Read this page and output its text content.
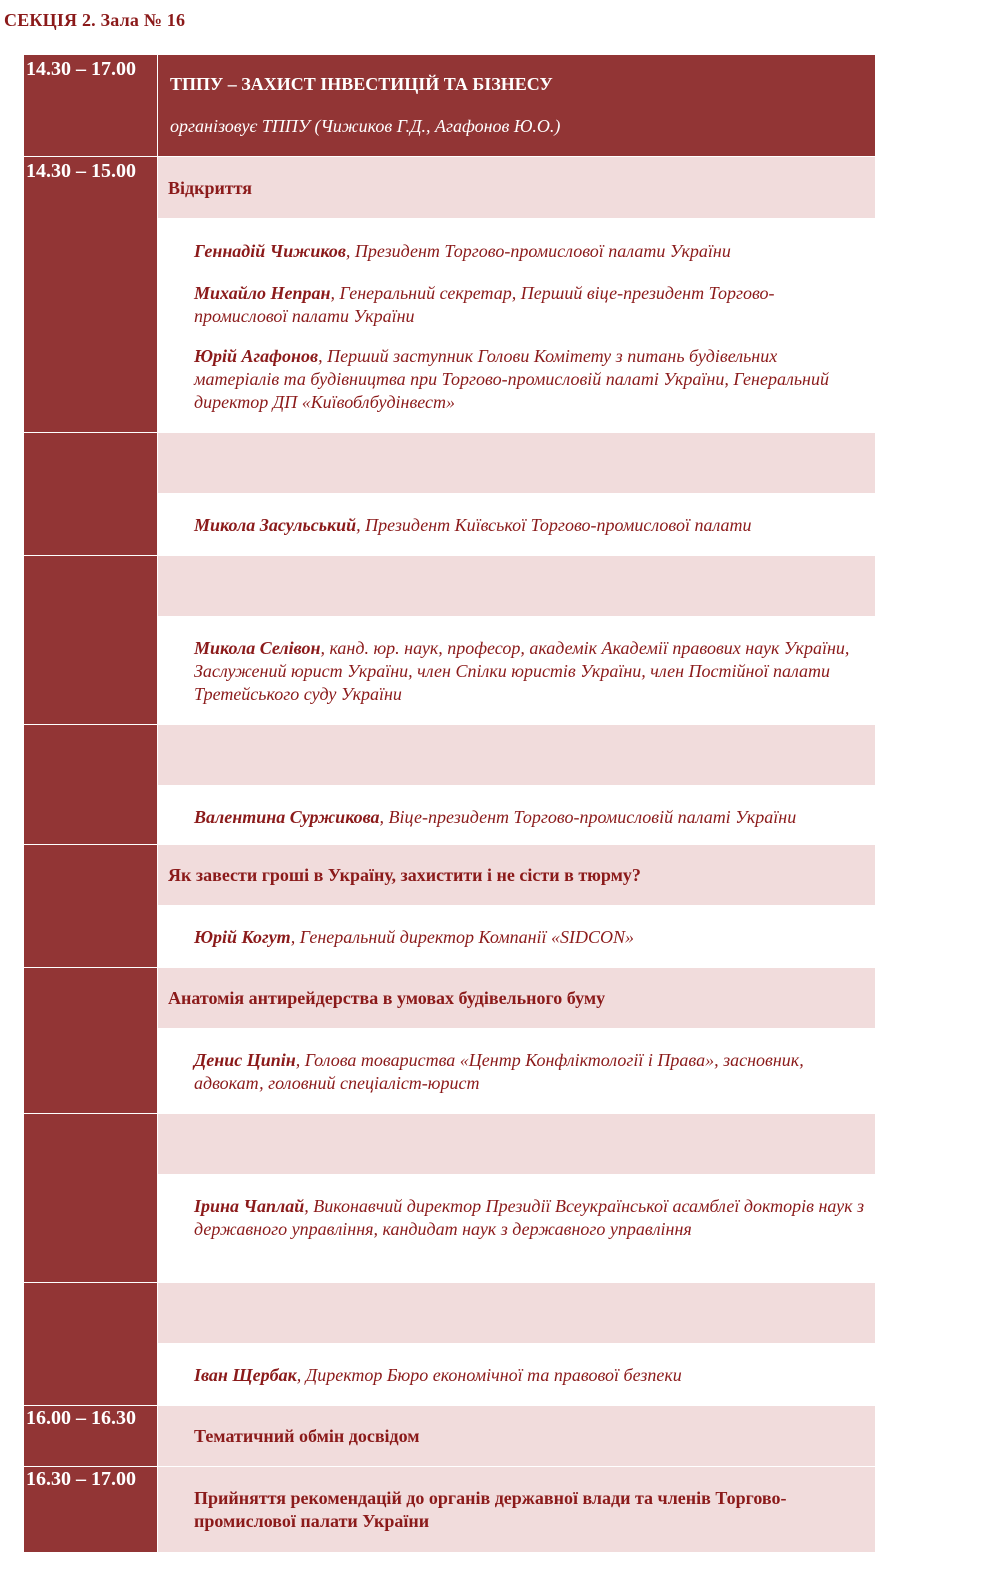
СЕКЦІЯ 2. Зала № 16
14.30 – 17.00
ТППУ – ЗАХИСТ ІНВЕСТИЦІЙ ТА БІЗНЕСУ
організовує ТППУ (Чижиков Г.Д., Агафонов Ю.О.)
14.30 – 15.00
Відкриття
Геннадій Чижиков, Президент Торгово-промислової палати України
Михайло Непран, Генеральний секретар, Перший віце-президент Торгово-промислової палати України
Юрій Агафонов, Перший заступник Голови Комітету з питань будівельних матеріалів та будівництва при Торгово-промисловій палаті України, Генеральний директор ДП «Київоблбудінвест»
Микола Засульський, Президент Київської Торгово-промислової палати
Микола Селівон, канд. юр. наук, професор, академік Академії правових наук України, Заслужений юрист України, член Спілки юристів України, член Постійної палати Третейського суду України
Валентина Суржикова, Віце-президент Торгово-промисловій палаті України
Як завести гроші в Україну, захистити і не сісти в тюрму?
Юрій Когут, Генеральний директор Компанії «SIDCON»
Анатомія антирейдерства в умовах будівельного буму
Денис Ципін, Голова товариства «Центр Конфліктології і Права», засновник, адвокат, головний спеціаліст-юрист
Ірина Чаплай, Виконавчий директор Президії Всеукраїнської асамблеї докторів наук з державного управління, кандидат наук з державного управління
Іван Щербак, Директор Бюро економічної та правової безпеки
16.00 – 16.30
Тематичний обмін досвідом
16.30 – 17.00
Прийняття рекомендацій до органів державної влади та членів Торгово-промислової палати України
